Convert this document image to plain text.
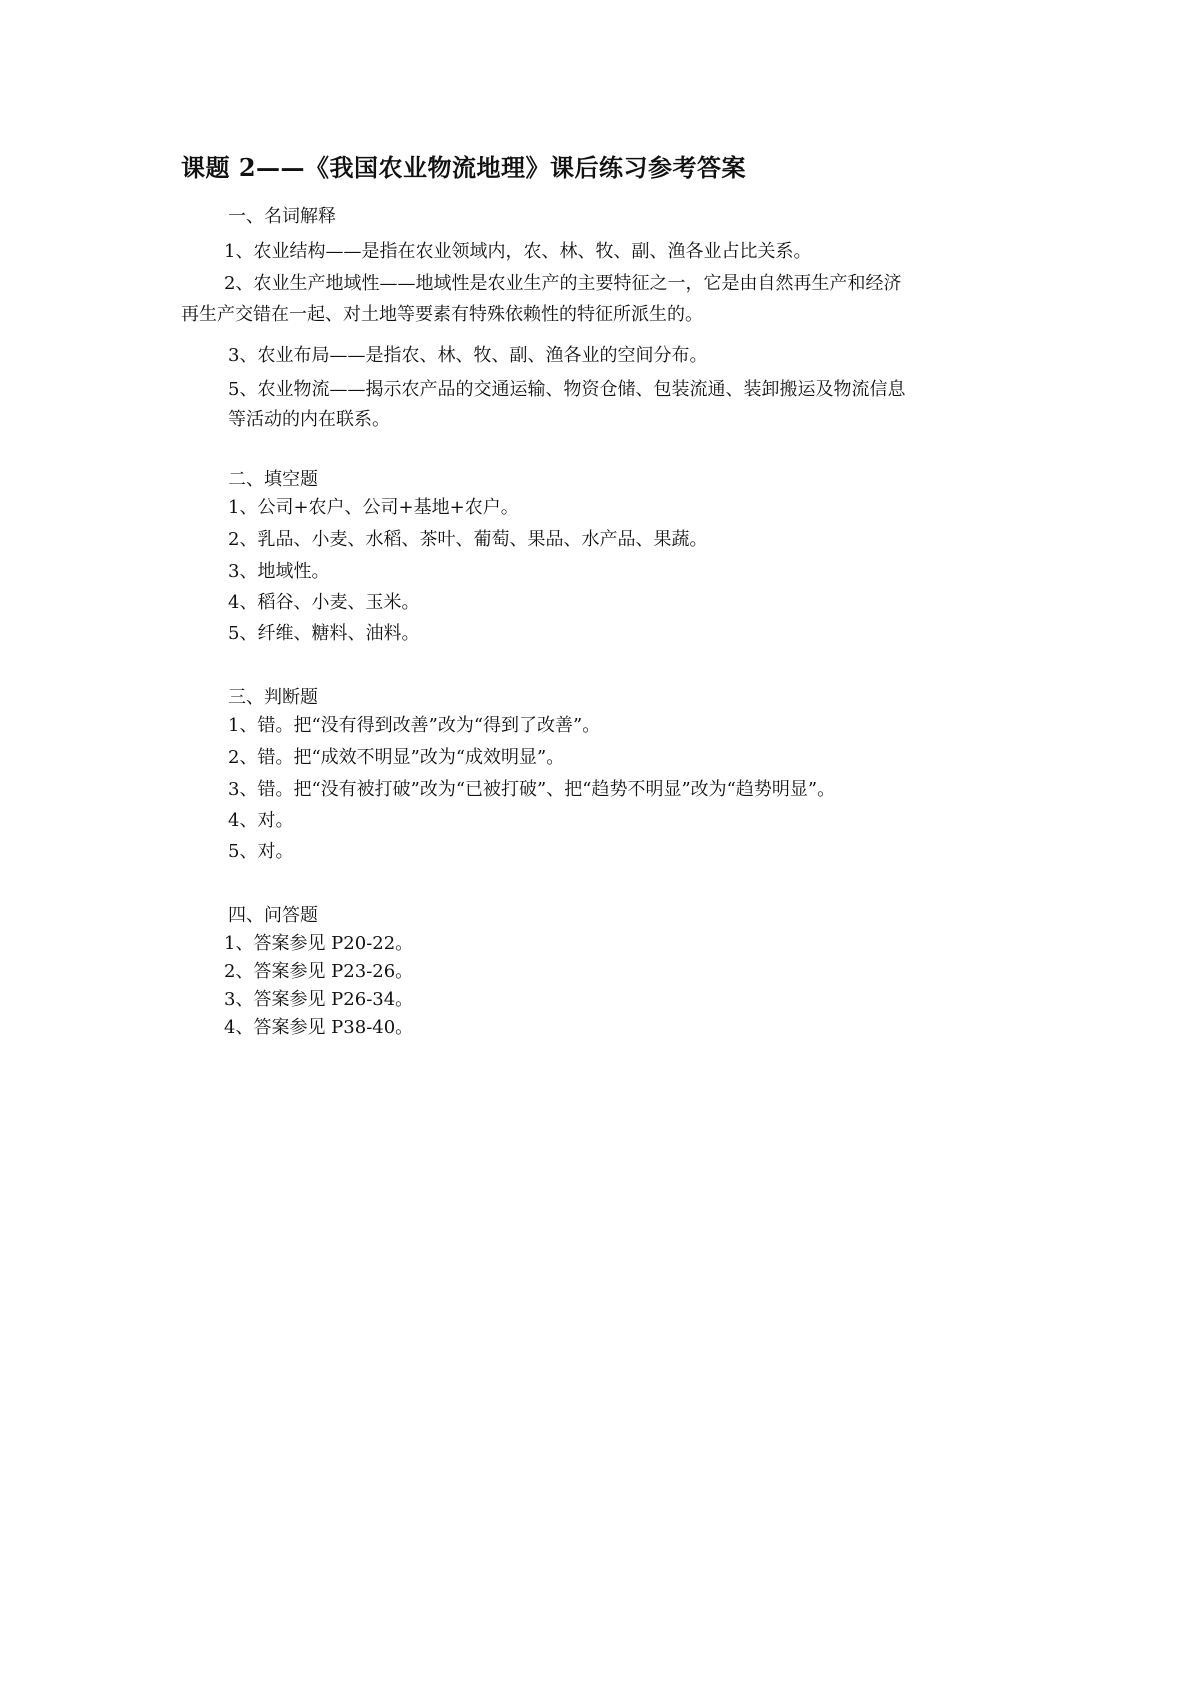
课题 2——《我国农业物流地理》课后练习参考答案
一、名词解释
1、农业结构——是指在农业领域内，农、林、牧、副、渔各业占比关系。
2、农业生产地域性——地域性是农业生产的主要特征之一，它是由自然再生产和经济
再生产交错在一起、对土地等要素有特殊依赖性的特征所派生的。
3、农业布局——是指农、林、牧、副、渔各业的空间分布。
5、农业物流——揭示农产品的交通运输、物资仓储、包装流通、装卸搬运及物流信息
等活动的内在联系。
二、填空题
1、公司+农户、公司+基地+农户。
2、乳品、小麦、水稻、茶叶、葡萄、果品、水产品、果蔬。
3、地域性。
4、稻谷、小麦、玉米。
5、纤维、糖料、油料。
三、判断题
1、错。把“没有得到改善”改为“得到了改善”。
2、错。把“成效不明显”改为“成效明显”。
3、错。把“没有被打破”改为“已被打破”、把“趋势不明显”改为“趋势明显”。
4、对。
5、对。
四、问答题
1、答案参见 P20-22。
2、答案参见 P23-26。
3、答案参见 P26-34。
4、答案参见 P38-40。
